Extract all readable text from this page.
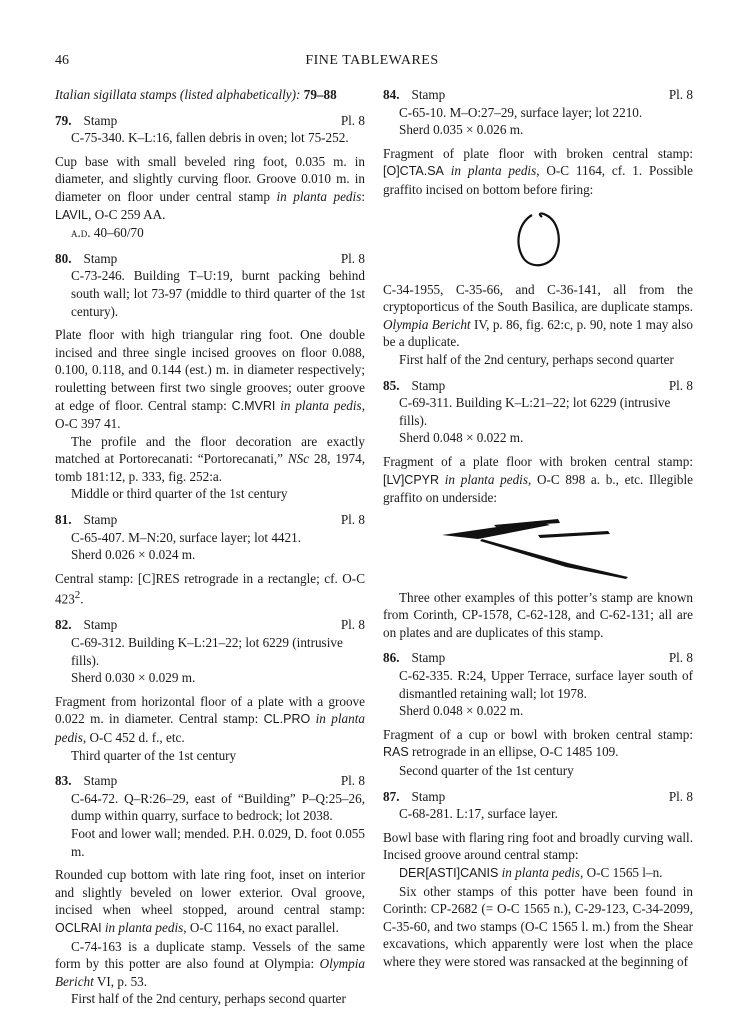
46	FINE TABLEWARES
Italian sigillata stamps (listed alphabetically): 79–88
79. Stamp	Pl. 8
C-75-340. K–L:16, fallen debris in oven; lot 75-252.
Cup base with small beveled ring foot, 0.035 m. in diameter, and slightly curving floor. Groove 0.010 m. in diameter on floor under central stamp in planta pedis: LAVIL, O-C 259 AA.
a.d. 40–60/70
80. Stamp	Pl. 8
C-73-246. Building T–U:19, burnt packing behind south wall; lot 73-97 (middle to third quarter of the 1st century).
Plate floor with high triangular ring foot. One double incised and three single incised grooves on floor 0.088, 0.100, 0.118, and 0.144 (est.) m. in diameter respectively; rouletting between first two single grooves; outer groove at edge of floor. Central stamp: C.MVRI in planta pedis, O-C 397 41.
The profile and the floor decoration are exactly matched at Portorecanati: “Portorecanati,” NSc 28, 1974, tomb 181:12, p. 333, fig. 252:a.
Middle or third quarter of the 1st century
81. Stamp	Pl. 8
C-65-407. M–N:20, surface layer; lot 4421.
Sherd 0.026 × 0.024 m.
Central stamp: [C]RES retrograde in a rectangle; cf. O-C $423^2$.
82. Stamp	Pl. 8
C-69-312. Building K–L:21–22; lot 6229 (intrusive fills).
Sherd 0.030 × 0.029 m.
Fragment from horizontal floor of a plate with a groove 0.022 m. in diameter. Central stamp: CL.PRO in planta pedis, O-C 452 d. f., etc.
Third quarter of the 1st century
83. Stamp	Pl. 8
C-64-72. Q–R:26–29, east of “Building” P–Q:25–26, dump within quarry, surface to bedrock; lot 2038.
Foot and lower wall; mended. P.H. 0.029, D. foot 0.055 m.
Rounded cup bottom with late ring foot, inset on interior and slightly beveled on lower exterior. Oval groove, incised when wheel stopped, around central stamp: OCLRAI in planta pedis, O-C 1164, no exact parallel.
C-74-163 is a duplicate stamp. Vessels of the same form by this potter are also found at Olympia: Olympia Bericht VI, p. 53.
First half of the 2nd century, perhaps second quarter
84. Stamp	Pl. 8
C-65-10. M–O:27–29, surface layer; lot 2210.
Sherd 0.035 × 0.026 m.
Fragment of plate floor with broken central stamp: [O]CTA.SA in planta pedis, O-C 1164, cf. 1. Possible graffito incised on bottom before firing:
C-34-1955, C-35-66, and C-36-141, all from the cryptoporticus of the South Basilica, are duplicate stamps. Olympia Bericht IV, p. 86, fig. 62:c, p. 90, note 1 may also be a duplicate.
First half of the 2nd century, perhaps second quarter
85. Stamp	Pl. 8
C-69-311. Building K–L:21–22; lot 6229 (intrusive fills).
Sherd 0.048 × 0.022 m.
Fragment of a plate floor with broken central stamp: [LV]CPYR in planta pedis, O-C 898 a. b., etc. Illegible graffito on underside:
Three other examples of this potter’s stamp are known from Corinth, CP-1578, C-62-128, and C-62-131; all are on plates and are duplicates of this stamp.
86. Stamp	Pl. 8
C-62-335. R:24, Upper Terrace, surface layer south of dismantled retaining wall; lot 1978.
Sherd 0.048 × 0.022 m.
Fragment of a cup or bowl with broken central stamp: RAS retrograde in an ellipse, O-C 1485 109.
Second quarter of the 1st century
87. Stamp	Pl. 8
C-68-281. L:17, surface layer.
Bowl base with flaring ring foot and broadly curving wall. Incised groove around central stamp:
DER[ASTI]CANIS in planta pedis, O-C 1565 l–n.
Six other stamps of this potter have been found in Corinth: CP-2682 (= O-C 1565 n.), C-29-123, C-34-2099, C-35-60, and two stamps (O-C 1565 l. m.) from the Shear excavations, which apparently were lost when the place where they were stored was ransacked at the beginning of
